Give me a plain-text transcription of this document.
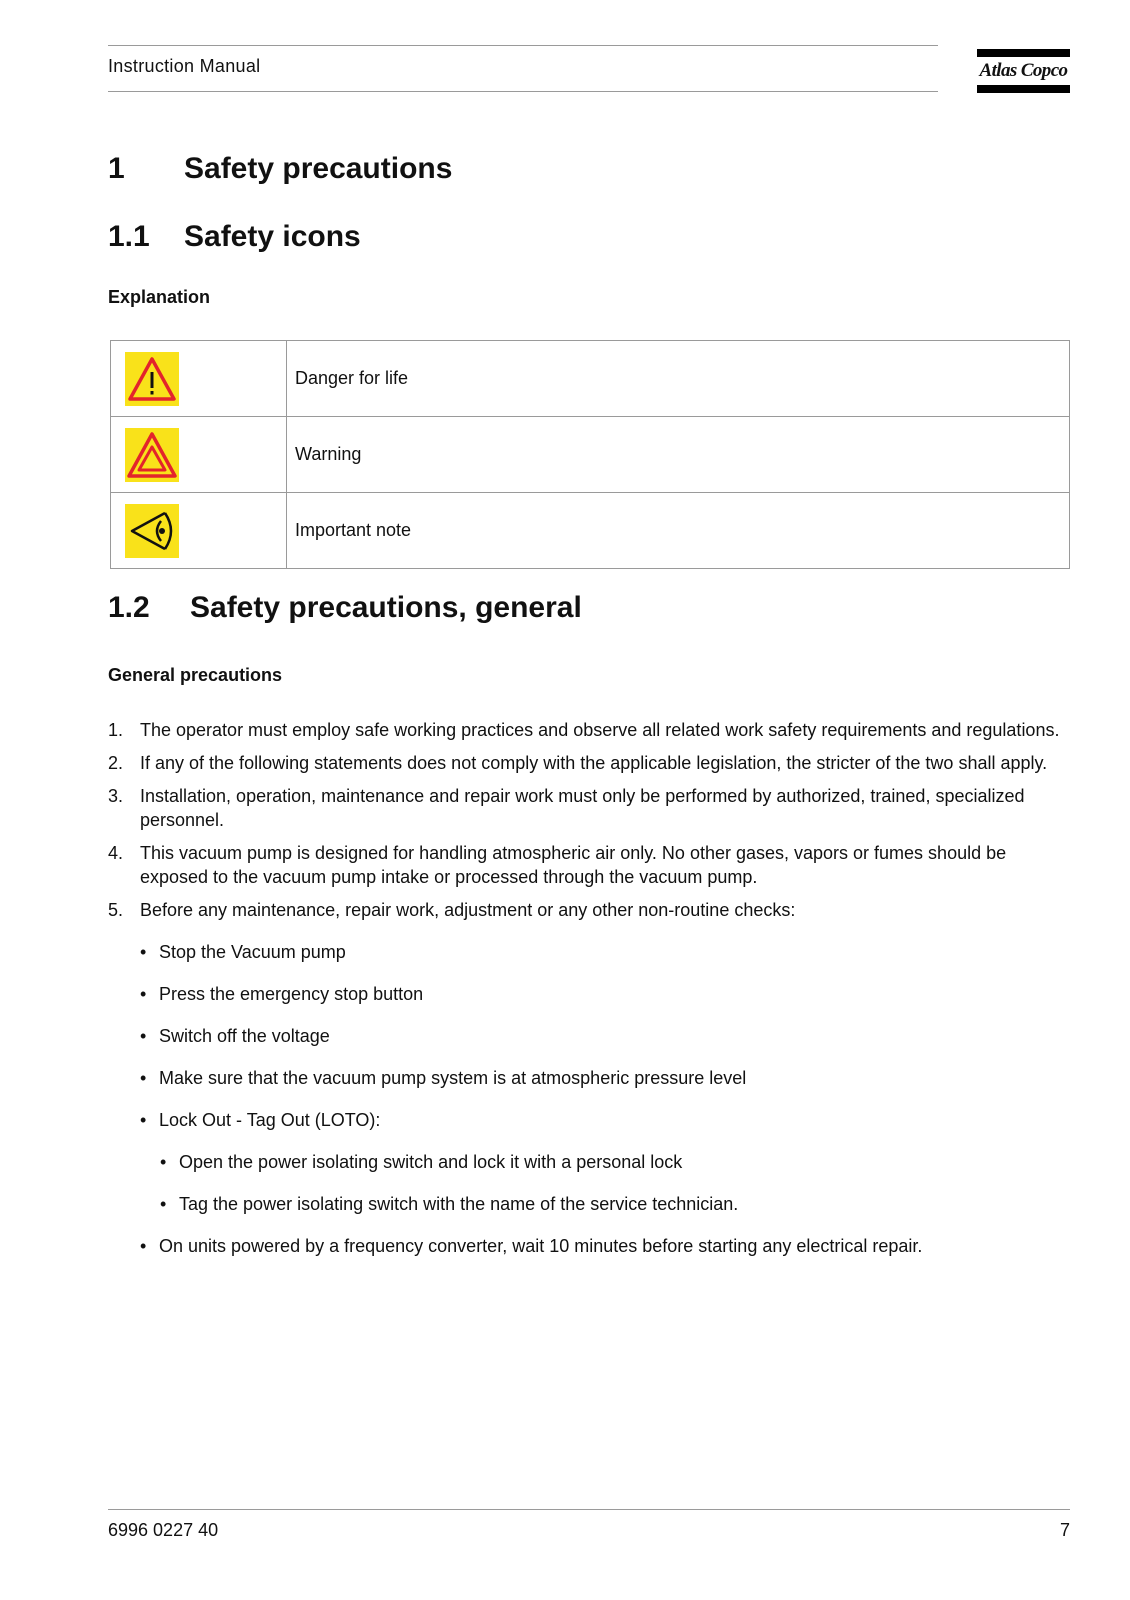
Instruction Manual	Atlas Copco
1 Safety precautions
1.1 Safety icons
Explanation
	Danger for life

	Warning

	Important note
1.2 Safety precautions, general
General precautions
1. The operator must employ safe working practices and observe all related work safety requirements and regulations.
2. If any of the following statements does not comply with the applicable legislation, the stricter of the two shall apply.
3. Installation, operation, maintenance and repair work must only be performed by authorized, trained, specialized personnel.
4. This vacuum pump is designed for handling atmospheric air only. No other gases, vapors or fumes should be exposed to the vacuum pump intake or processed through the vacuum pump.
5. Before any maintenance, repair work, adjustment or any other non-routine checks:
• Stop the Vacuum pump
• Press the emergency stop button
• Switch off the voltage
• Make sure that the vacuum pump system is at atmospheric pressure level
• Lock Out - Tag Out (LOTO):
• Open the power isolating switch and lock it with a personal lock
• Tag the power isolating switch with the name of the service technician.
• On units powered by a frequency converter, wait 10 minutes before starting any electrical repair.
6996 0227 40	7
